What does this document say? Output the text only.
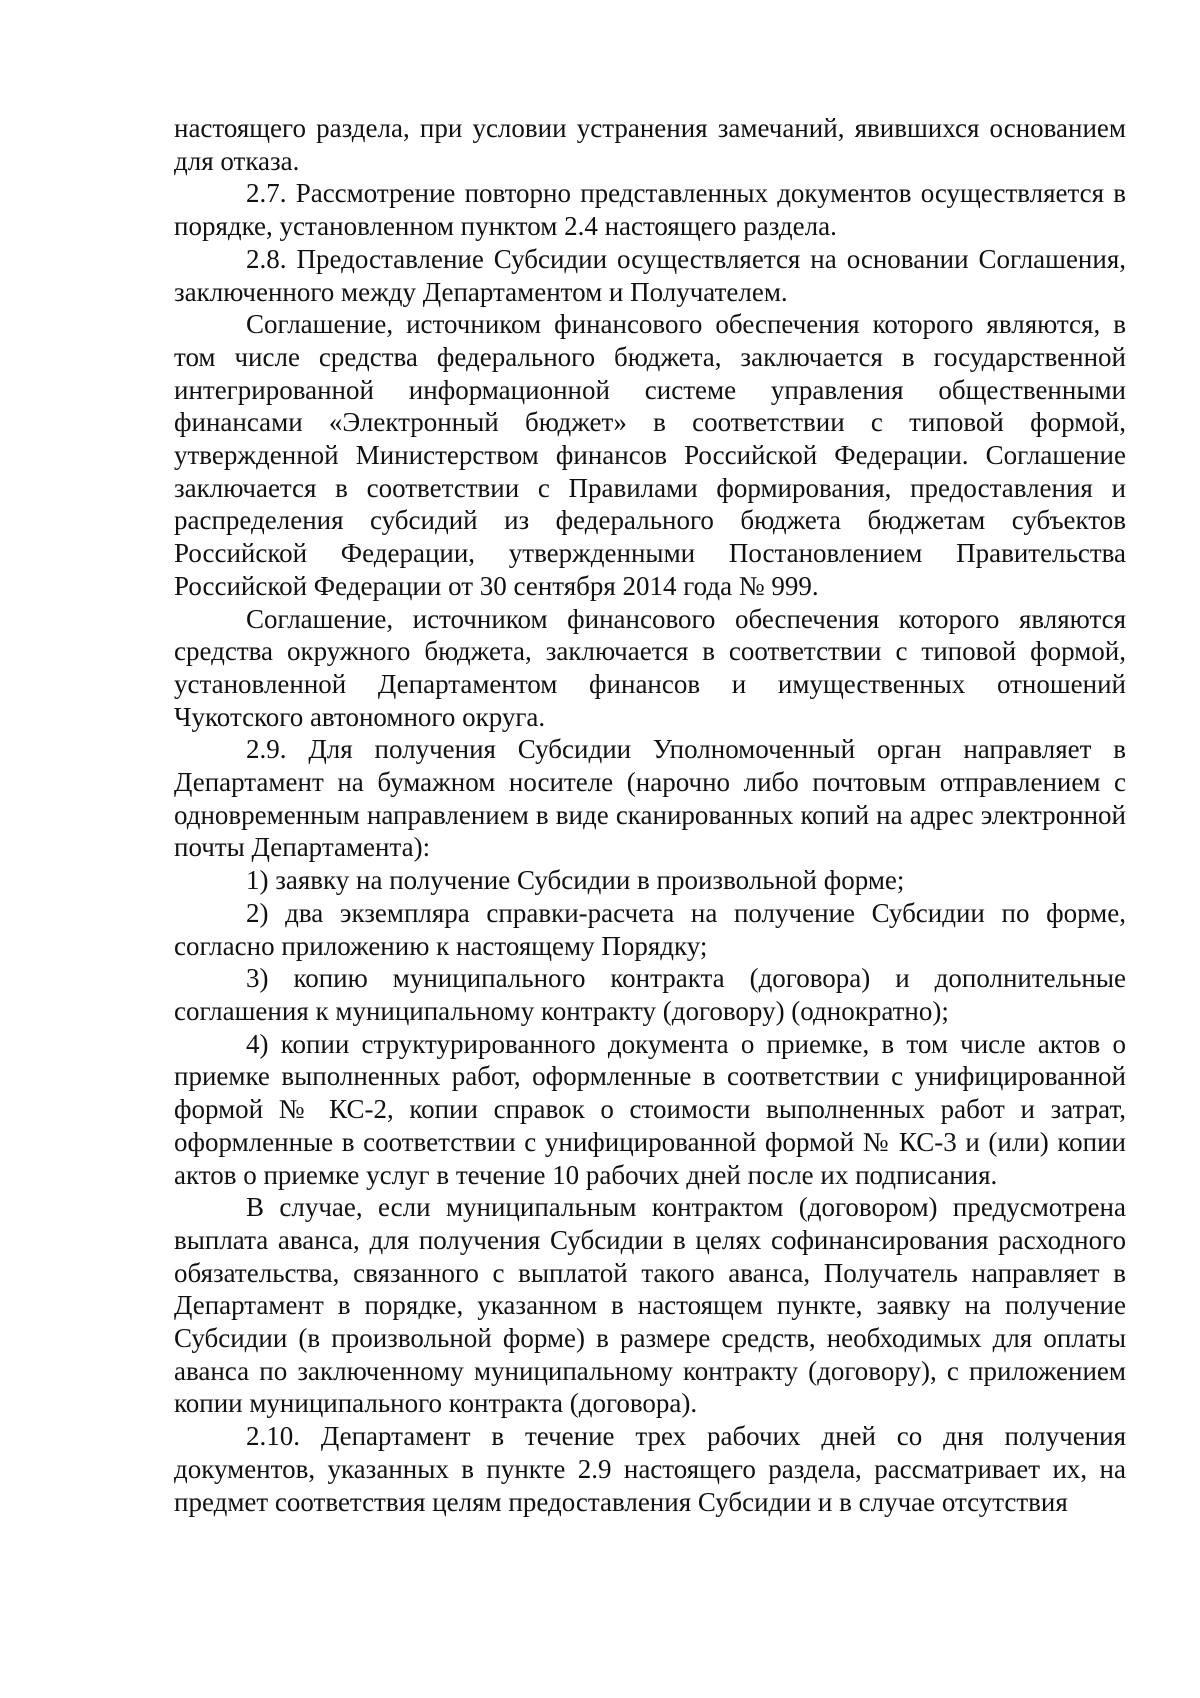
настоящего раздела, при условии устранения замечаний, явившихся основанием для отказа.

2.7. Рассмотрение повторно представленных документов осуществляется в порядке, установленном пунктом 2.4 настоящего раздела.

2.8. Предоставление Субсидии осуществляется на основании Соглашения, заключенного между Департаментом и Получателем.

Соглашение, источником финансового обеспечения которого являются, в том числе средства федерального бюджета, заключается в государственной интегрированной информационной системе управления общественными финансами «Электронный бюджет» в соответствии с типовой формой, утвержденной Министерством финансов Российской Федерации. Соглашение заключается в соответствии с Правилами формирования, предоставления и распределения субсидий из федерального бюджета бюджетам субъектов Российской Федерации, утвержденными Постановлением Правительства Российской Федерации от 30 сентября 2014 года № 999.

Соглашение, источником финансового обеспечения которого являются средства окружного бюджета, заключается в соответствии с типовой формой, установленной Департаментом финансов и имущественных отношений Чукотского автономного округа.

2.9. Для получения Субсидии Уполномоченный орган направляет в Департамент на бумажном носителе (нарочно либо почтовым отправлением с одновременным направлением в виде сканированных копий на адрес электронной почты Департамента):

1) заявку на получение Субсидии в произвольной форме;

2) два экземпляра справки-расчета на получение Субсидии по форме, согласно приложению к настоящему Порядку;

3) копию муниципального контракта (договора) и дополнительные соглашения к муниципальному контракту (договору) (однократно);

4) копии структурированного документа о приемке, в том числе актов о приемке выполненных работ, оформленные в соответствии с унифицированной формой № КС-2, копии справок о стоимости выполненных работ и затрат, оформленные в соответствии с унифицированной формой № КС-3 и (или) копии актов о приемке услуг в течение 10 рабочих дней после их подписания.

В случае, если муниципальным контрактом (договором) предусмотрена выплата аванса, для получения Субсидии в целях софинансирования расходного обязательства, связанного с выплатой такого аванса, Получатель направляет в Департамент в порядке, указанном в настоящем пункте, заявку на получение Субсидии (в произвольной форме) в размере средств, необходимых для оплаты аванса по заключенному муниципальному контракту (договору), с приложением копии муниципального контракта (договора).

2.10. Департамент в течение трех рабочих дней со дня получения документов, указанных в пункте 2.9 настоящего раздела, рассматривает их, на предмет соответствия целям предоставления Субсидии и в случае отсутствия
